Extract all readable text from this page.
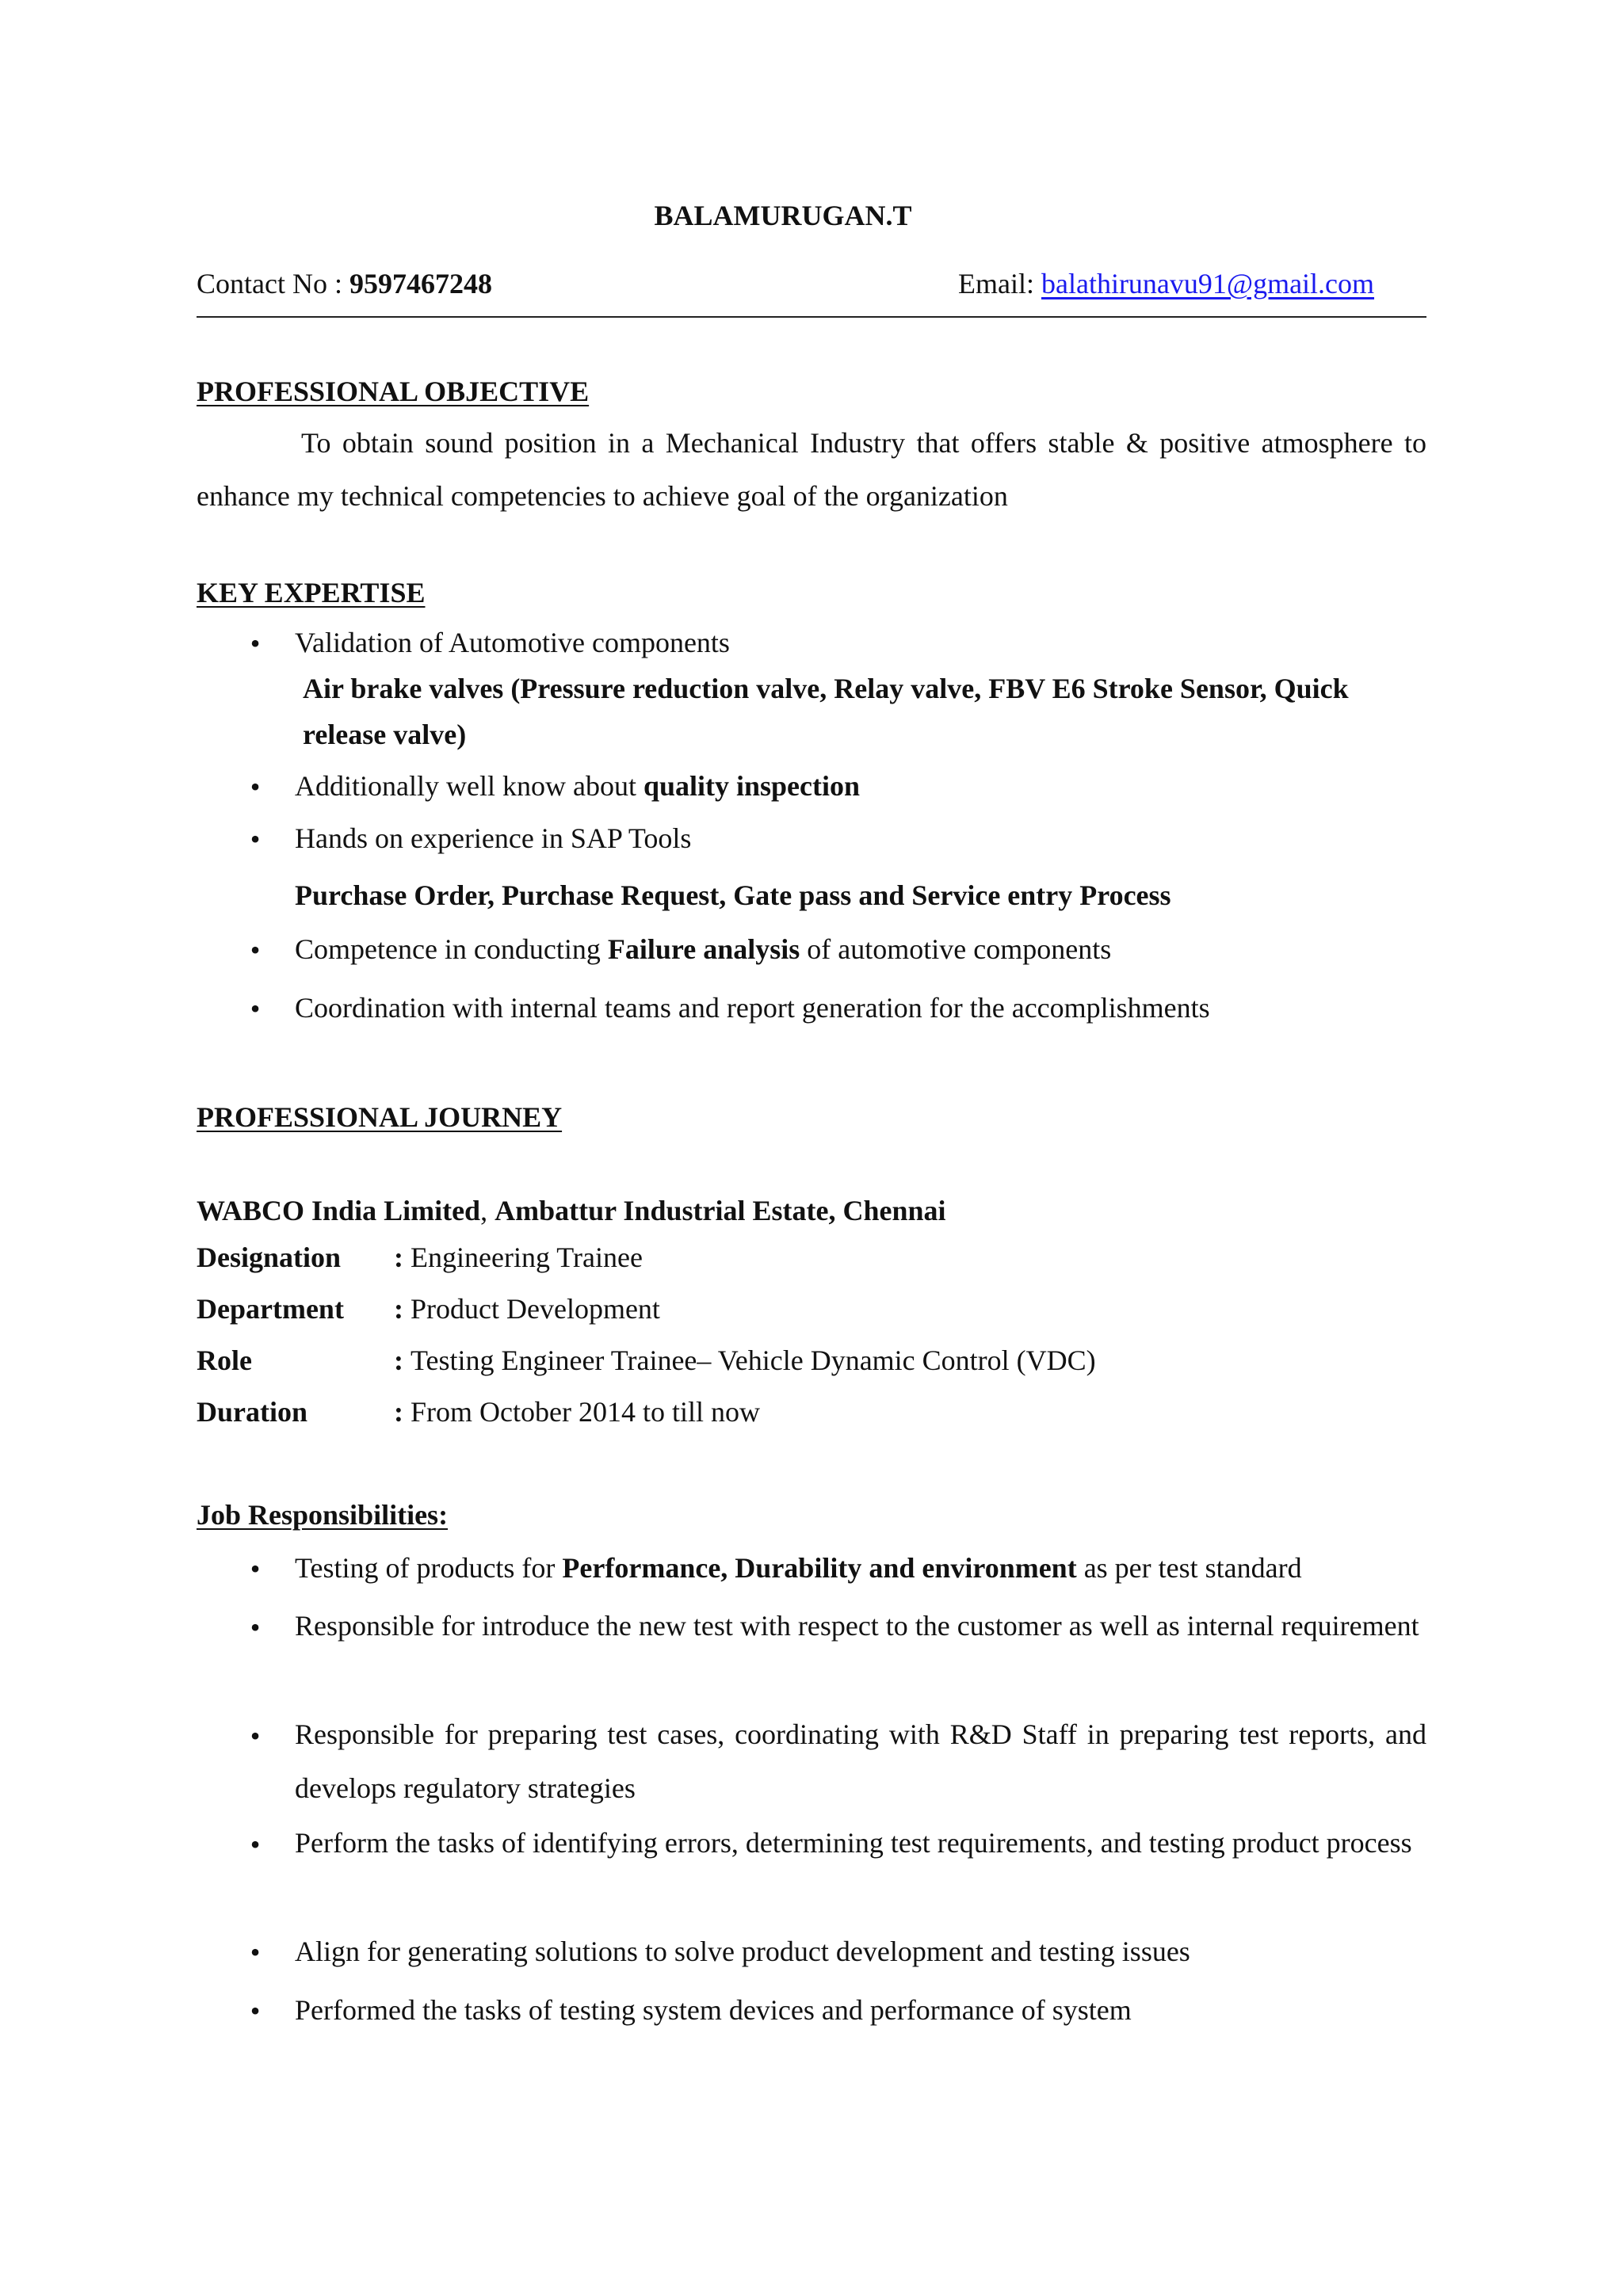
BALAMURUGAN.T
Contact No : 9597467248	Email: balathirunavu91@gmail.com
PROFESSIONAL OBJECTIVE
To obtain sound position in a Mechanical Industry that offers stable & positive atmosphere to enhance my technical competencies to achieve goal of the organization
KEY EXPERTISE
• Validation of Automotive components
Air brake valves (Pressure reduction valve, Relay valve, FBV E6 Stroke Sensor, Quick release valve)
• Additionally well know about quality inspection
• Hands on experience in SAP Tools
Purchase Order, Purchase Request, Gate pass and Service entry Process
• Competence in conducting Failure analysis of automotive components
• Coordination with internal teams and report generation for the accomplishments
PROFESSIONAL JOURNEY
WABCO India Limited, Ambattur Industrial Estate, Chennai
Designation : Engineering Trainee
Department : Product Development
Role	: Testing Engineer Trainee– Vehicle Dynamic Control (VDC)
Duration	: From October 2014 to till now
Job Responsibilities:
• Testing of products for Performance, Durability and environment as per test standard
• Responsible for introduce the new test with respect to the customer as well as internal requirement
• Responsible for preparing test cases, coordinating with R&D Staff in preparing test reports, and develops regulatory strategies
• Perform the tasks of identifying errors, determining test requirements, and testing product process
• Align for generating solutions to solve product development and testing issues
• Performed the tasks of testing system devices and performance of system
